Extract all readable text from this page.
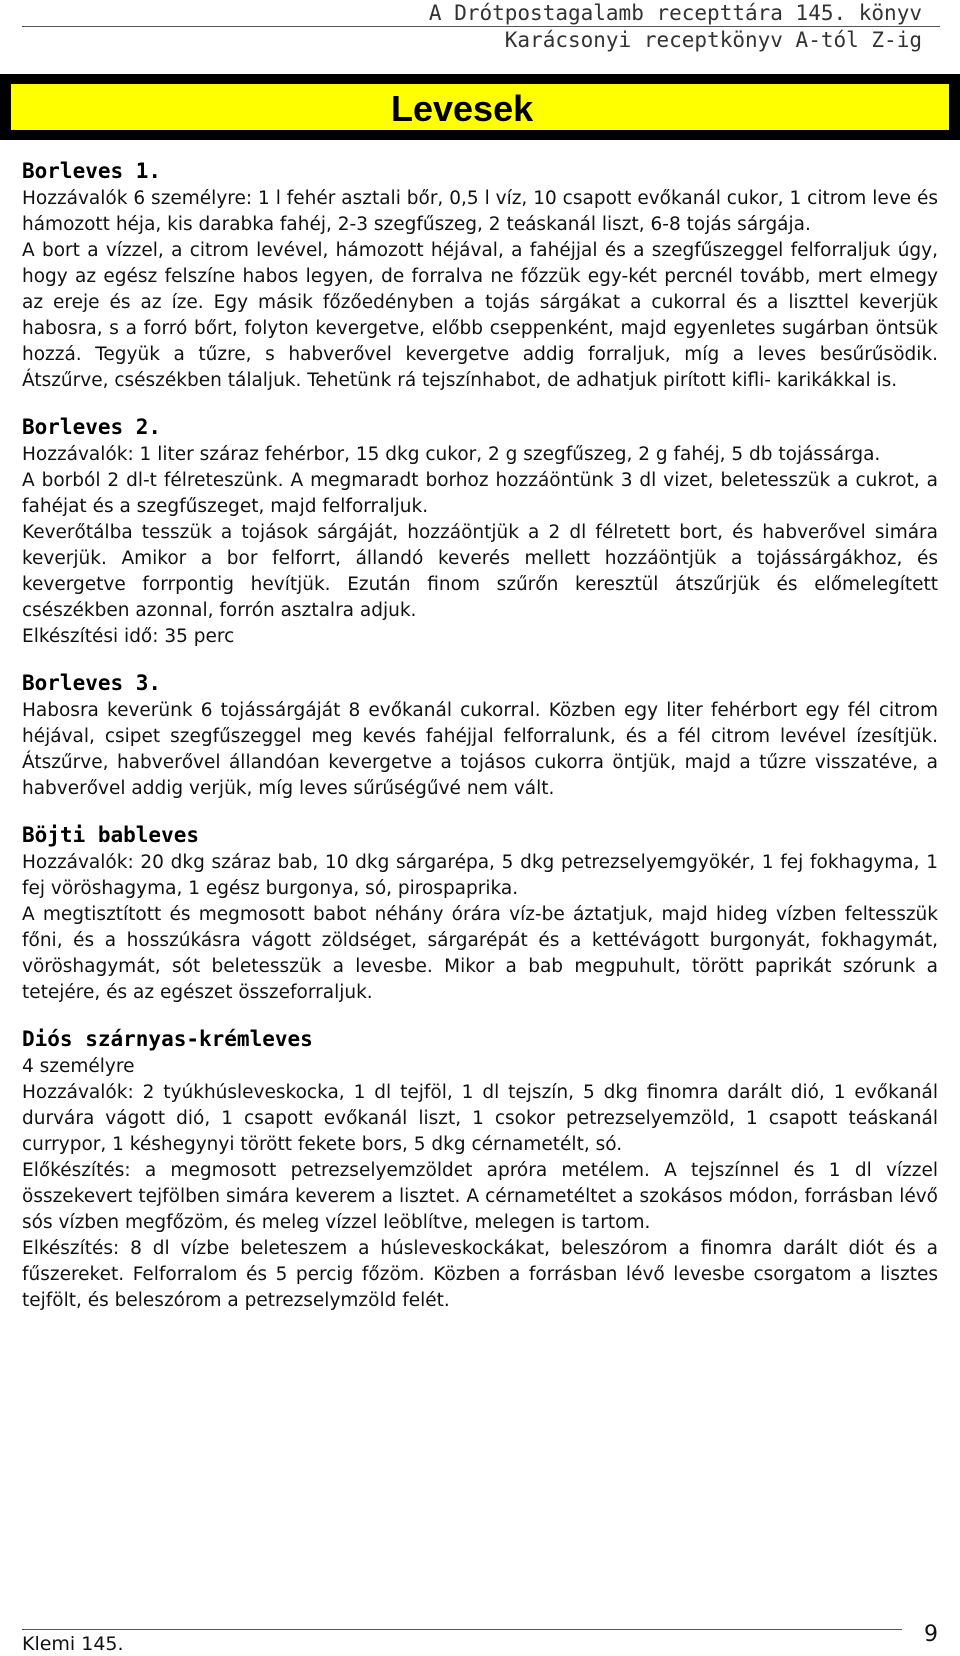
A Drótpostagalamb recepttára 145. könyv
Karácsonyi receptkönyv A-tól Z-ig
Levesek
Borleves 1.

Hozzávalók 6 személyre: 1 l fehér asztali bőr, 0,5 l víz, 10 csapott evőkanál cukor, 1 citrom leve és hámozott héja, kis darabka fahéj, 2-3 szegfűszeg, 2 teáskanál liszt, 6-8 tojás sárgája.

A bort a vízzel, a citrom levével, hámozott héjával, a fahéjjal és a szegfűszeggel felforraljuk úgy, hogy az egész felszíne habos legyen, de forralva ne főzzük egy-két percnél tovább, mert elmegy az ereje és az íze. Egy másik főzőedényben a tojás sárgákat a cukorral és a liszttel keverjük habosra, s a forró bőrt, folyton kevergetve, előbb cseppenként, majd egyenletes sugárban öntsük hozzá. Tegyük a tűzre, s habverővel kevergetve addig forraljuk, míg a leves besűrűsödik. Átszűrve, csészékben tálaljuk. Tehetünk rá tejszínhabot, de adhatjuk pirított kifli- karikákkal is.

Borleves 2.

Hozzávalók: 1 liter száraz fehérbor, 15 dkg cukor, 2 g szegfűszeg, 2 g fahéj, 5 db tojássárga.

A borból 2 dl-t félreteszünk. A megmaradt borhoz hozzáöntünk 3 dl vizet, beletesszük a cukrot, a fahéjat és a szegfűszeget, majd felforraljuk.

Keverőtálba tesszük a tojások sárgáját, hozzáöntjük a 2 dl félretett bort, és habverővel simára keverjük. Amikor a bor felforrt, állandó keverés mellett hozzáöntjük a tojássárgákhoz, és kevergetve forrpontig hevítjük. Ezután finom szűrőn keresztül átszűrjük és előmelegített csészékben azonnal, forrón asztalra adjuk.

Elkészítési idő: 35 perc

Borleves 3.

Habosra keverünk 6 tojássárgáját 8 evőkanál cukorral. Közben egy liter fehérbort egy fél citrom héjával, csipet szegfűszeggel meg kevés fahéjjal felforralunk, és a fél citrom levével ízesítjük. Átszűrve, habverővel állandóan kevergetve a tojásos cukorra öntjük, majd a tűzre visszatéve, a habverővel addig verjük, míg leves sűrűségűvé nem vált.

Böjti bableves

Hozzávalók: 20 dkg száraz bab, 10 dkg sárgarépa, 5 dkg petrezselyemgyökér, 1 fej fokhagyma, 1 fej vöröshagyma, 1 egész burgonya, só, pirospaprika.

A megtisztított és megmosott babot néhány órára víz-be áztatjuk, majd hideg vízben feltesszük főni, és a hosszúkásra vágott zöldséget, sárgarépát és a kettévágott burgonyát, fokhagymát, vöröshagymát, sót beletesszük a levesbe. Mikor a bab megpuhult, törött paprikát szórunk a tetejére, és az egészet összeforraljuk.

Diós szárnyas-krémleves

4 személyre

Hozzávalók: 2 tyúkhúsleveskocka, 1 dl tejföl, 1 dl tejszín, 5 dkg finomra darált dió, 1 evőkanál durvára vágott dió, 1 csapott evőkanál liszt, 1 csokor petrezselyemzöld, 1 csapott teáskanál currypor, 1 késhegynyi törött fekete bors, 5 dkg cérnametélt, só.

Előkészítés: a megmosott petrezselyemzöldet apróra metélem. A tejszínnel és 1 dl vízzel összekevert tejfölben simára keverem a lisztet. A cérnametéltet a szokásos módon, forrásban lévő sós vízben megfőzöm, és meleg vízzel leöblítve, melegen is tartom.

Elkészítés: 8 dl vízbe beleteszem a húsleveskockákat, beleszórom a finomra darált diót és a fűszereket. Felforralom és 5 percig főzöm. Közben a forrásban lévő levesbe csorgatom a lisztes tejfölt, és beleszórom a petrezselymzöld felét.

Klemi 145.	9
